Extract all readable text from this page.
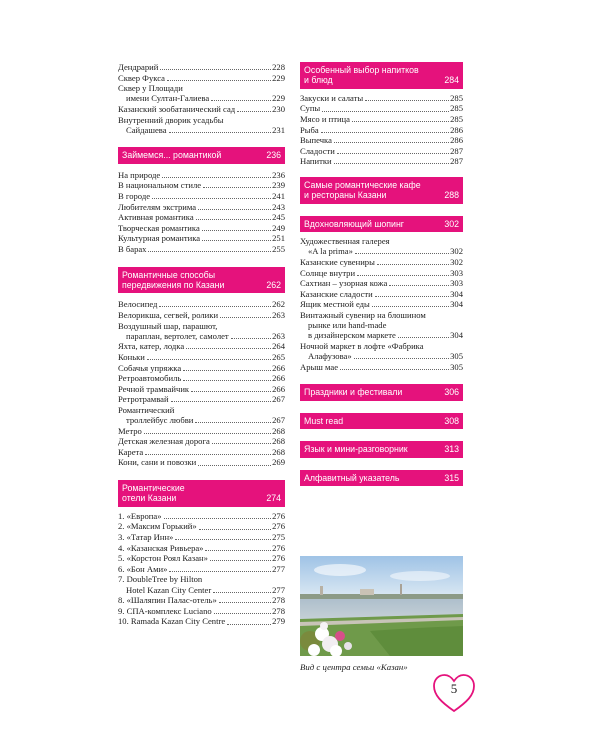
Дендрарий	228
Сквер Фукса	229
Сквер у Площади
имени Султан-Галиева	229
Казанский зообатанический сад	230
Внутренний дворик усадьбы
Сайдашева	231
Займемся... романтикой	236
На природе	236
В национальном стиле	239
В городе	241
Любителям экстрима	243
Активная романтика	245
Творческая романтика	249
Культурная романтика	251
В барах	255
Романтичные способы
передвижения по Казани	262
Велосипед	262
Велорикша, сегвей, ролики	263
Воздушный шар, парашют,
парaплан, вертолет, самолет	263
Яхта, катер, лодка	264
Коньки	265
Собачья упряжка	266
Ретроавтомобиль	266
Речной трамвайчик	266
Ретротрамвай	267
Романтический
троллейбус любви	267
Метро	268
Детская железная дорога	268
Карета	268
Кони, сани и повозки	269
Романтические
отели Казани	274
1. «Европа»	276
2. «Максим Горький»	276
3. «Татар Инн»	275
4. «Казанская Ривьера»	276
5. «Корстон Роял Казан»	276
6. «Бон Ами»	277
7. DoubleTree by Hilton
Hotel Kazan City Center	277
8. «Шаляпин Палас-отель»	278
9. СПА-комплекс Luciano	278
10. Ramada Kazan City Centre	279
Особенный выбор напитков
и блюд	284
Закуски и салаты	285
Супы	285
Мясо и птица	285
Рыба	286
Выпечка	286
Сладости	287
Напитки	287
Самые романтические кафе
и рестораны Казани	288
Вдохновляющий шопинг	302
Художественная галерея
«A la prima»	302
Казанские сувениры	302
Солнце внутри	303
Сахтиан – узорная кожа	303
Казанские сладости	304
Ящик местной еды	304
Винтажный сувенир на блошином
рынке или hand-made
в дизайнерском маркете	304
Ночной маркет в лофте «Фабрика
Алафузова»	305
Арыш мае	305
Праздники и фестивали	306
Must read	308
Язык и мини-разговорник	313
Алфавитный указатель	315
Вид с центра семьи «Казан»
5
